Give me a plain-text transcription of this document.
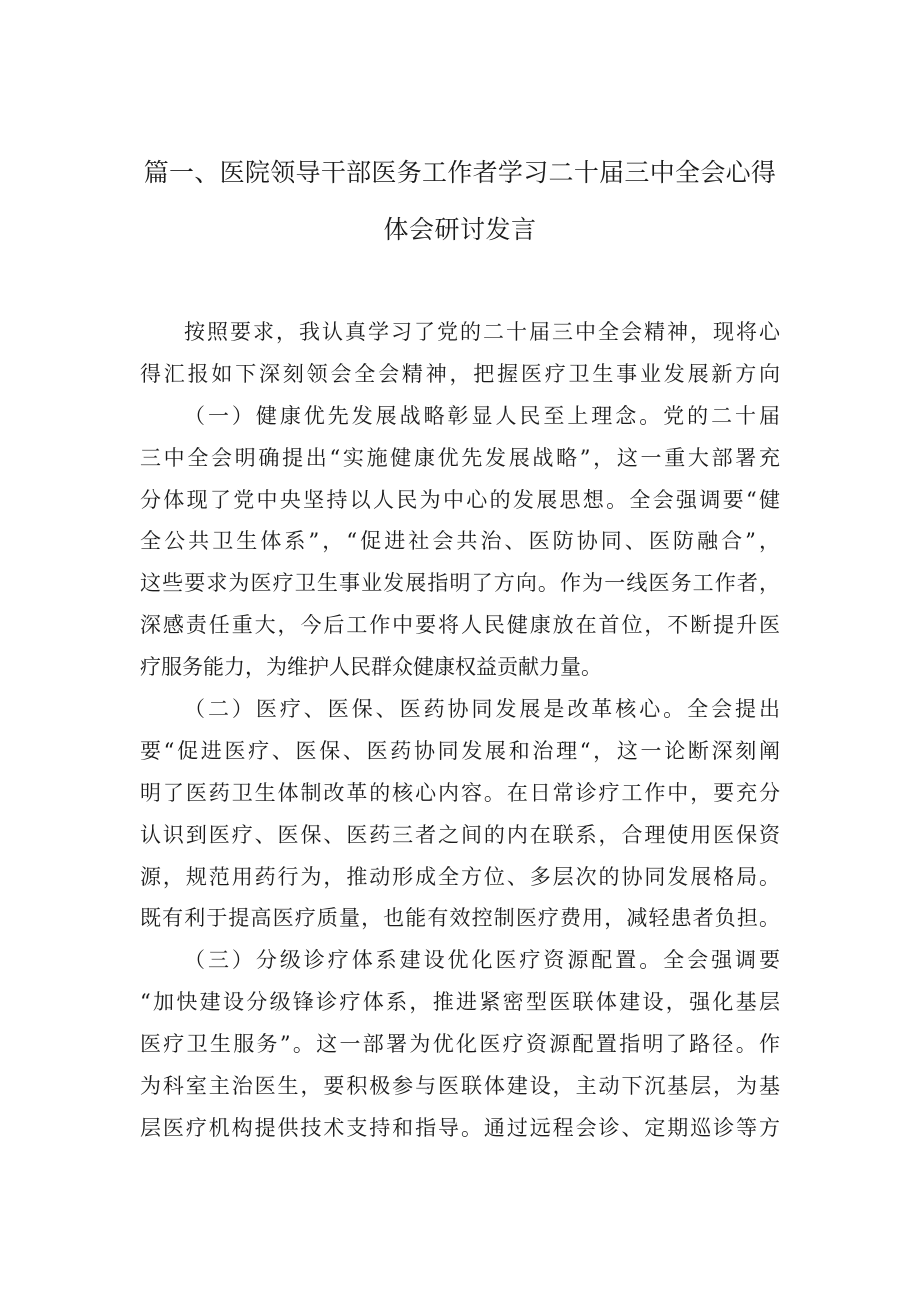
篇一、医院领导干部医务工作者学习二十届三中全会心得
体会研讨发言
按照要求，我认真学习了党的二十届三中全会精神，现将心
得汇报如下深刻领会全会精神，把握医疗卫生事业发展新方向
（一）健康优先发展战略彰显人民至上理念。党的二十届
三中全会明确提出“实施健康优先发展战略”，这一重大部署充
分体现了党中央坚持以人民为中心的发展思想。全会强调要“健
全公共卫生体系”，“促进社会共治、医防协同、医防融合”，
这些要求为医疗卫生事业发展指明了方向。作为一线医务工作者，
深感责任重大，今后工作中要将人民健康放在首位，不断提升医
疗服务能力，为维护人民群众健康权益贡献力量。
（二）医疗、医保、医药协同发展是改革核心。全会提出
要“促进医疗、医保、医药协同发展和治理“，这一论断深刻阐
明了医药卫生体制改革的核心内容。在日常诊疗工作中，要充分
认识到医疗、医保、医药三者之间的内在联系，合理使用医保资
源，规范用药行为，推动形成全方位、多层次的协同发展格局。
既有利于提高医疗质量，也能有效控制医疗费用，减轻患者负担。
（三）分级诊疗体系建设优化医疗资源配置。全会强调要
“加快建设分级锋诊疗体系，推进紧密型医联体建设，强化基层
医疗卫生服务”。这一部署为优化医疗资源配置指明了路径。作
为科室主治医生，要积极参与医联体建设，主动下沉基层，为基
层医疗机构提供技术支持和指导。通过远程会诊、定期巡诊等方
